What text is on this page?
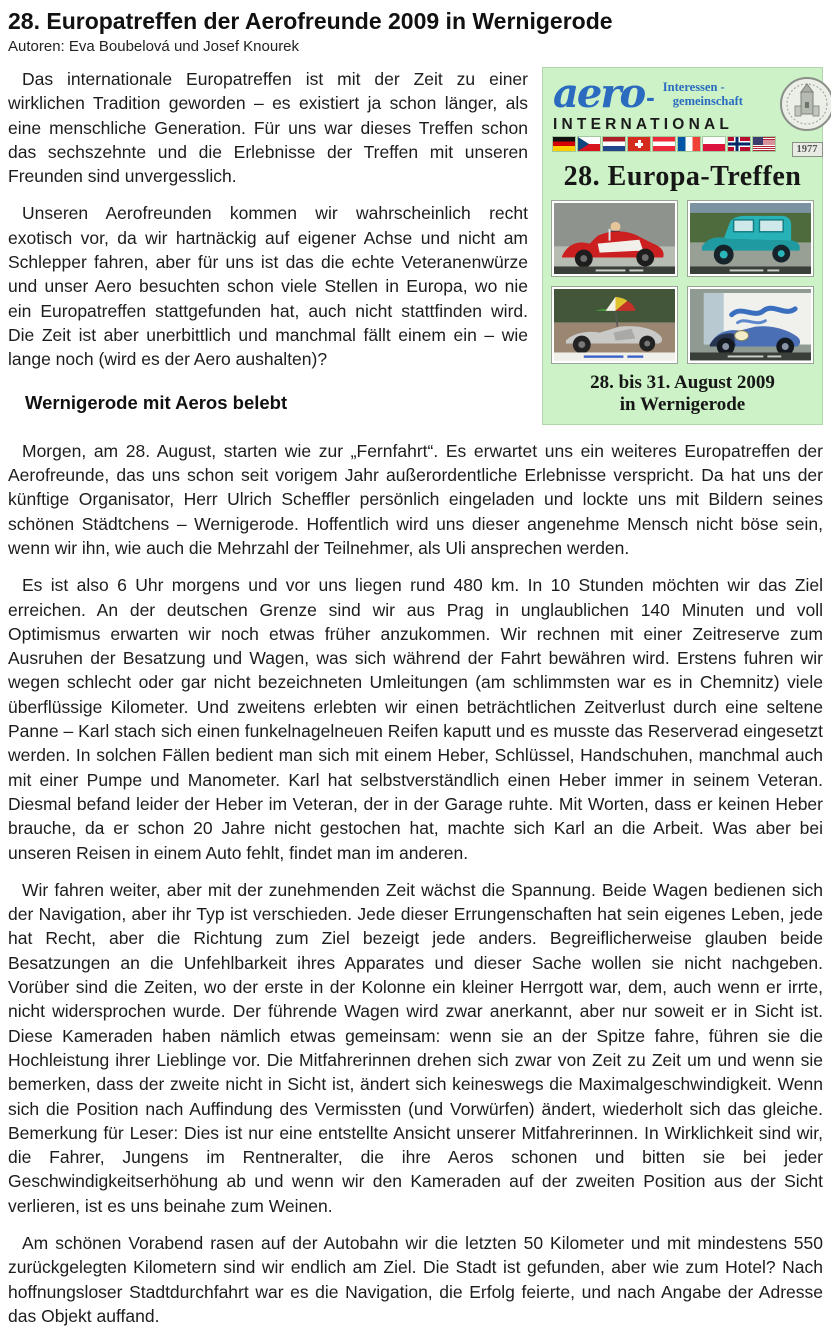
28. Europatreffen der Aerofreunde 2009 in Wernigerode
Autoren: Eva Boubelová und Josef Knourek

Das internationale Europatreffen ist mit der Zeit zu einer wirklichen Tradition geworden – es existiert ja schon länger, als eine menschliche Generation. Für uns war dieses Treffen schon das sechszehnte und die Erlebnisse der Treffen mit unseren Freunden sind unvergesslich.

Unseren Aerofreunden kommen wir wahrscheinlich recht exotisch vor, da wir hartnäckig auf eigener Achse und nicht am Schlepper fahren, aber für uns ist das die echte Veteranenwürze und unser Aero besuchten schon viele Stellen in Europa, wo nie ein Europatreffen stattgefunden hat, auch nicht stattfinden wird. Die Zeit ist aber unerbittlich und manchmal fällt einem ein – wie lange noch (wird es der Aero aushalten)?

Wernigerode mit Aeros belebt
aero - Interessen -
gemeinschaft
INTERNATIONAL
1977
28. Europa-Treffen
28. bis 31. August 2009
in Wernigerode

Morgen, am 28. August, starten wie zur „Fernfahrt“. Es erwartet uns ein weiteres Europatreffen der Aerofreunde, das uns schon seit vorigem Jahr außerordentliche Erlebnisse verspricht. Da hat uns der künftige Organisator, Herr Ulrich Scheffler persönlich eingeladen und lockte uns mit Bildern seines schönen Städtchens – Wernigerode. Hoffentlich wird uns dieser angenehme Mensch nicht böse sein, wenn wir ihn, wie auch die Mehrzahl der Teilnehmer, als Uli ansprechen werden.

Es ist also 6 Uhr morgens und vor uns liegen rund 480 km. In 10 Stunden möchten wir das Ziel erreichen. An der deutschen Grenze sind wir aus Prag in unglaublichen 140 Minuten und voll Optimismus erwarten wir noch etwas früher anzukommen. Wir rechnen mit einer Zeitreserve zum Ausruhen der Besatzung und Wagen, was sich während der Fahrt bewähren wird. Erstens fuhren wir wegen schlecht oder gar nicht bezeichneten Umleitungen (am schlimmsten war es in Chemnitz) viele überflüssige Kilometer. Und zweitens erlebten wir einen beträchtlichen Zeitverlust durch eine seltene Panne – Karl stach sich einen funkelnagelneuen Reifen kaputt und es musste das Reserverad eingesetzt werden. In solchen Fällen bedient man sich mit einem Heber, Schlüssel, Handschuhen, manchmal auch mit einer Pumpe und Manometer. Karl hat selbstverständlich einen Heber immer in seinem Veteran. Diesmal befand leider der Heber im Veteran, der in der Garage ruhte. Mit Worten, dass er keinen Heber brauche, da er schon 20 Jahre nicht gestochen hat, machte sich Karl an die Arbeit. Was aber bei unseren Reisen in einem Auto fehlt, findet man im anderen.

Wir fahren weiter, aber mit der zunehmenden Zeit wächst die Spannung. Beide Wagen bedienen sich der Navigation, aber ihr Typ ist verschieden. Jede dieser Errungenschaften hat sein eigenes Leben, jede hat Recht, aber die Richtung zum Ziel bezeigt jede anders. Begreiflicherweise glauben beide Besatzungen an die Unfehlbarkeit ihres Apparates und dieser Sache wollen sie nicht nachgeben. Vorüber sind die Zeiten, wo der erste in der Kolonne ein kleiner Herrgott war, dem, auch wenn er irrte, nicht widersprochen wurde. Der führende Wagen wird zwar anerkannt, aber nur soweit er in Sicht ist. Diese Kameraden haben nämlich etwas gemeinsam: wenn sie an der Spitze fahre, führen sie die Hochleistung ihrer Lieblinge vor. Die Mitfahrerinnen drehen sich zwar von Zeit zu Zeit um und wenn sie bemerken, dass der zweite nicht in Sicht ist, ändert sich keineswegs die Maximalgeschwindigkeit. Wenn sich die Position nach Auffindung des Vermissten (und Vorwürfen) ändert, wiederholt sich das gleiche. Bemerkung für Leser: Dies ist nur eine entstellte Ansicht unserer Mitfahrerinnen. In Wirklichkeit sind wir, die Fahrer, Jungens im Rentneralter, die ihre Aeros schonen und bitten sie bei jeder Geschwindigkeitserhöhung ab und wenn wir den Kameraden auf der zweiten Position aus der Sicht verlieren, ist es uns beinahe zum Weinen.

Am schönen Vorabend rasen auf der Autobahn wir die letzten 50 Kilometer und mit mindestens 550 zurückgelegten Kilometern sind wir endlich am Ziel. Die Stadt ist gefunden, aber wie zum Hotel? Nach hoffnungsloser Stadtdurchfahrt war es die Navigation, die Erfolg feierte, und nach Angabe der Adresse das Objekt auffand.
